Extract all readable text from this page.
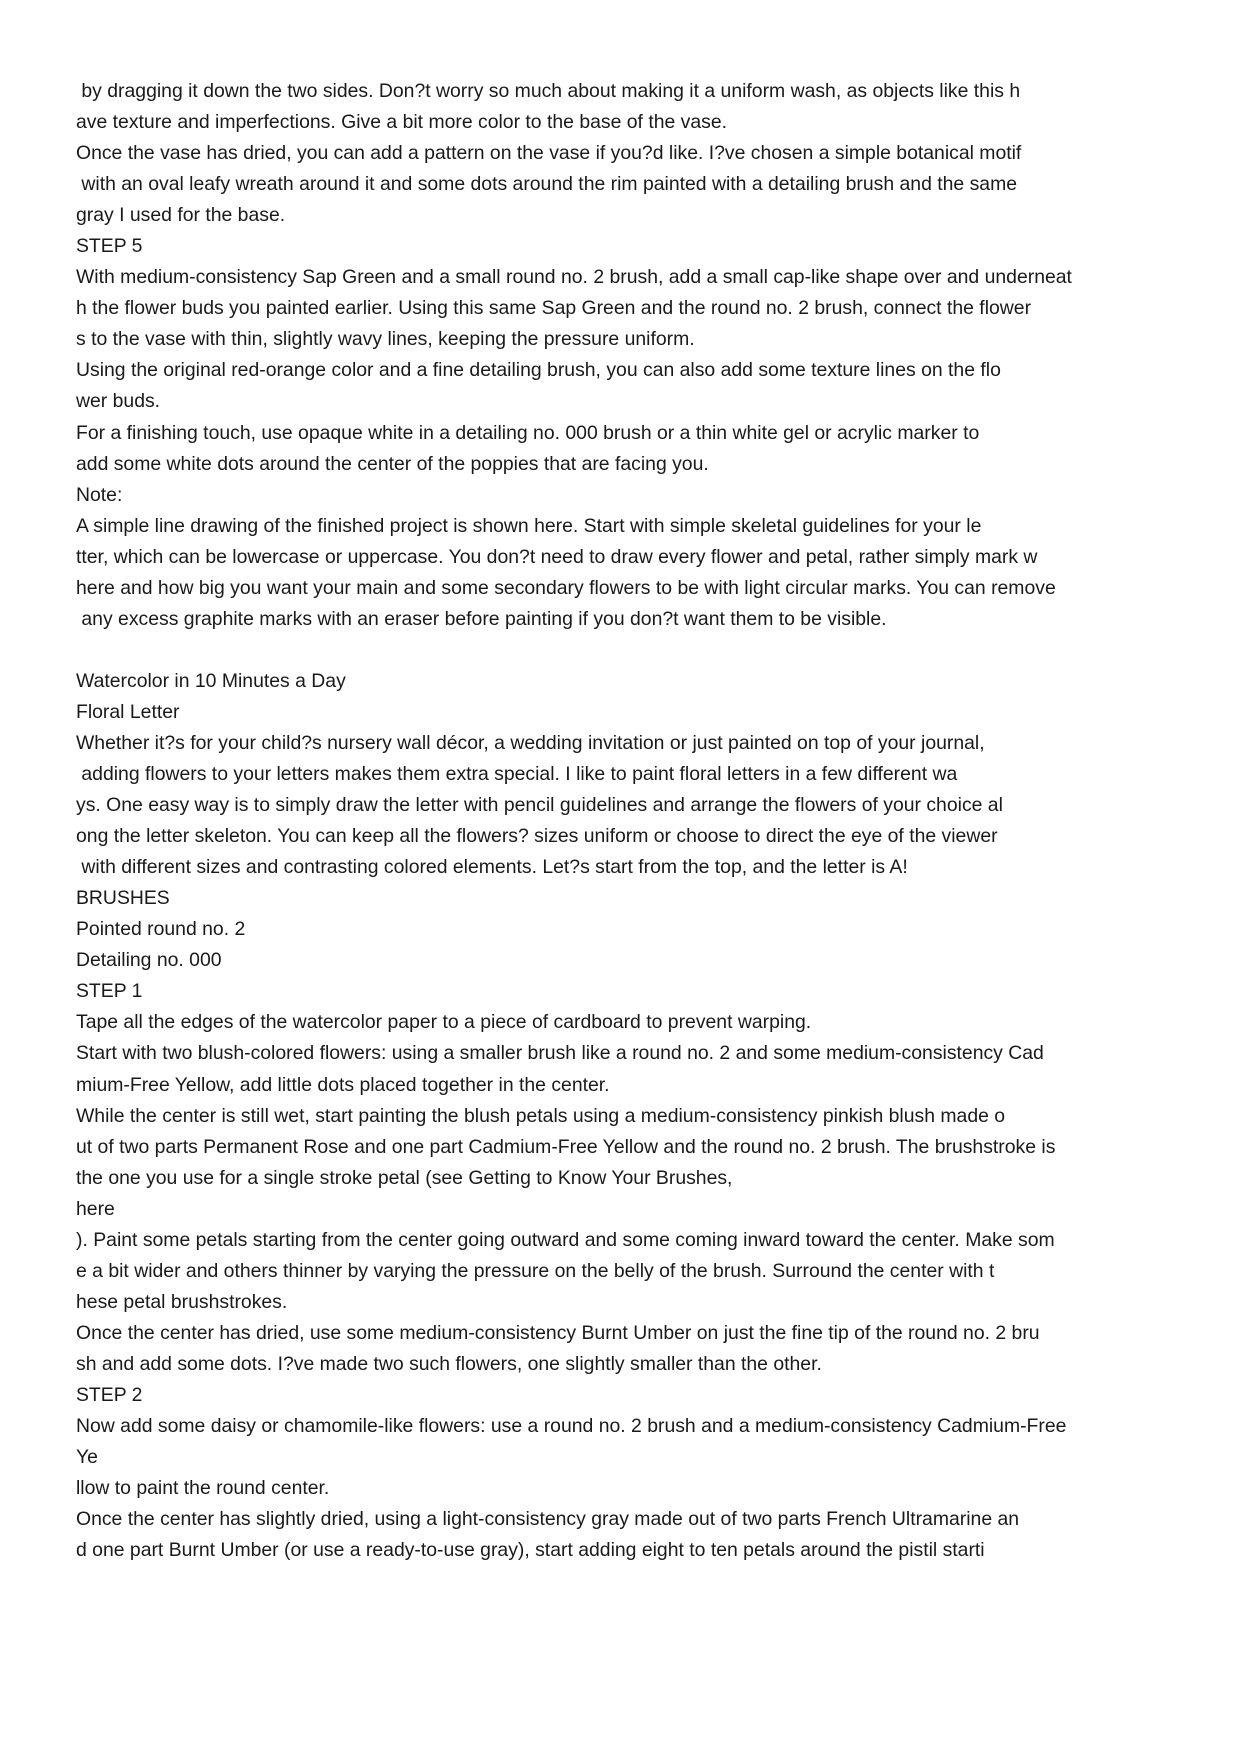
by dragging it down the two sides. Don?t worry so much about making it a uniform wash, as objects like this h
ave texture and imperfections. Give a bit more color to the base of the vase.
Once the vase has dried, you can add a pattern on the vase if you?d like. I?ve chosen a simple botanical motif
with an oval leafy wreath around it and some dots around the rim painted with a detailing brush and the same
gray I used for the base.
STEP 5
With medium-consistency Sap Green and a small round no. 2 brush, add a small cap-like shape over and underneat
h the flower buds you painted earlier. Using this same Sap Green and the round no. 2 brush, connect the flower
s to the vase with thin, slightly wavy lines, keeping the pressure uniform.
Using the original red-orange color and a fine detailing brush, you can also add some texture lines on the flo
wer buds.
For a finishing touch, use opaque white in a detailing no. 000 brush or a thin white gel or acrylic marker to
add some white dots around the center of the poppies that are facing you.
Note:
A simple line drawing of the finished project is shown here. Start with simple skeletal guidelines for your le
tter, which can be lowercase or uppercase. You don?t need to draw every flower and petal, rather simply mark w
here and how big you want your main and some secondary flowers to be with light circular marks. You can remove
any excess graphite marks with an eraser before painting if you don?t want them to be visible.
Watercolor in 10 Minutes a Day
Floral Letter
Whether it?s for your child?s nursery wall décor, a wedding invitation or just painted on top of your journal,
adding flowers to your letters makes them extra special. I like to paint floral letters in a few different wa
ys. One easy way is to simply draw the letter with pencil guidelines and arrange the flowers of your choice al
ong the letter skeleton. You can keep all the flowers? sizes uniform or choose to direct the eye of the viewer
with different sizes and contrasting colored elements. Let?s start from the top, and the letter is A!
BRUSHES
Pointed round no. 2
Detailing no. 000
STEP 1
Tape all the edges of the watercolor paper to a piece of cardboard to prevent warping.
Start with two blush-colored flowers: using a smaller brush like a round no. 2 and some medium-consistency Cad
mium-Free Yellow, add little dots placed together in the center.
While the center is still wet, start painting the blush petals using a medium-consistency pinkish blush made o
ut of two parts Permanent Rose and one part Cadmium-Free Yellow and the round no. 2 brush. The brushstroke is
the one you use for a single stroke petal (see Getting to Know Your Brushes,
here
). Paint some petals starting from the center going outward and some coming inward toward the center. Make som
e a bit wider and others thinner by varying the pressure on the belly of the brush. Surround the center with t
hese petal brushstrokes.
Once the center has dried, use some medium-consistency Burnt Umber on just the fine tip of the round no. 2 bru
sh and add some dots. I?ve made two such flowers, one slightly smaller than the other.
STEP 2
Now add some daisy or chamomile-like flowers: use a round no. 2 brush and a medium-consistency Cadmium-Free
Ye
llow to paint the round center.
Once the center has slightly dried, using a light-consistency gray made out of two parts French Ultramarine an
d one part Burnt Umber (or use a ready-to-use gray), start adding eight to ten petals around the pistil starti
